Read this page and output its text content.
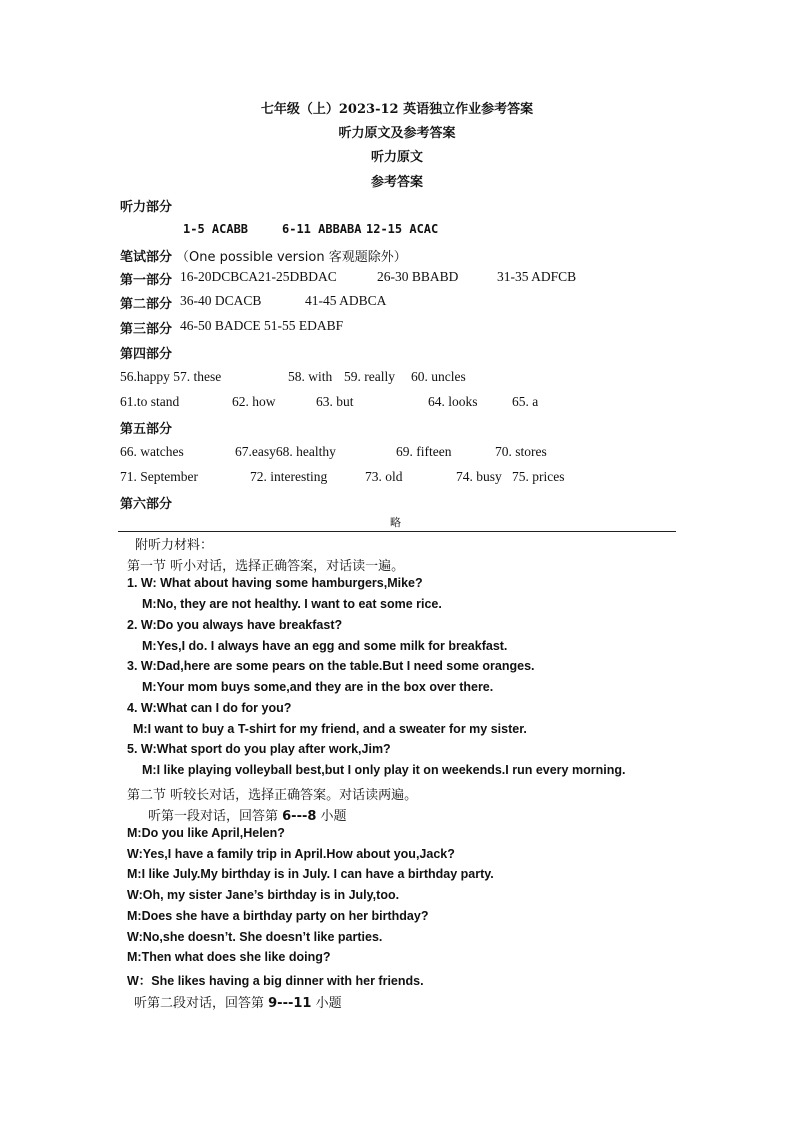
七年级（上）2023-12 英语独立作业参考答案
听力原文及参考答案
听力原文
参考答案
听力部分
1-5 ACABB	6-11 ABBABA 12-15 ACAC
笔试部分 （One possible version 客观题除外）
第一部分 16-20DCBCA21-25DBDAC	26-30 BBABD	31-35 ADFCB
第二部分 36-40 DCACB	41-45 ADBCA
第三部分 46-50 BADCE 51-55 EDABF
第四部分
56.happy 57. these	58. with 59. really 60. uncles
61.to stand	62. how	63. but	64. looks	65. a
第五部分
66. watches	67.easy68. healthy	69. fifteen	70. stores
71. September	72. interesting	73. old	74. busy 75. prices
第六部分
略
附听力材料：
第一节 听小对话，选择正确答案，对话读一遍。
1. W: What about having some hamburgers,Mike?
M:No, they are not healthy. I want to eat some rice.
2. W:Do you always have breakfast?
M:Yes,I do. I always have an egg and some milk for breakfast.
3. W:Dad,here are some pears on the table.But I need some oranges.
M:Your mom buys some,and they are in the box over there.
4. W:What can I do for you?
M:I want to buy a T-shirt for my friend, and a sweater for my sister.
5. W:What sport do you play after work,Jim?
M:I like playing volleyball best,but I only play it on weekends.I run every morning.
第二节 听较长对话，选择正确答案。对话读两遍。
听第一段对话，回答第 6---8 小题
M:Do you like April,Helen?
W:Yes,I have a family trip in April.How about you,Jack?
M:I like July.My birthday is in July. I can have a birthday party.
W:Oh, my sister Jane’s birthday is in July,too.
M:Does she have a birthday party on her birthday?
W:No,she doesn’t. She doesn’t like parties.
M:Then what does she like doing?
W：She likes having a big dinner with her friends.
听第二段对话，回答第 9---11 小题
